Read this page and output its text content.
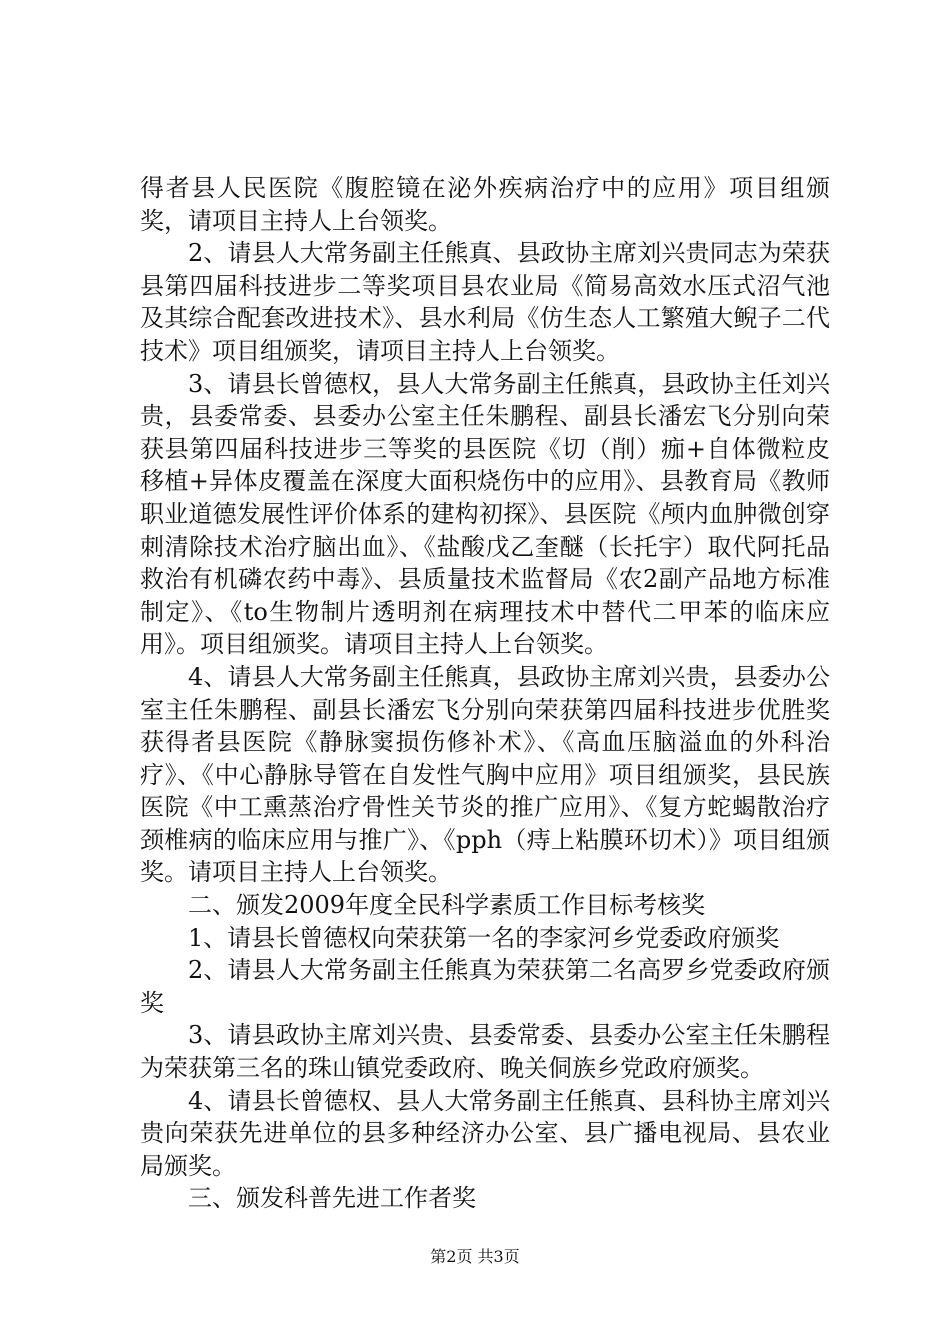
得者县人民医院《腹腔镜在泌外疾病治疗中的应用》项目组颁奖，请项目主持人上台领奖。

2、请县人大常务副主任熊真、县政协主席刘兴贵同志为荣获县第四届科技进步二等奖项目县农业局《简易高效水压式沼气池及其综合配套改进技术》、县水利局《仿生态人工繁殖大鲵子二代技术》项目组颁奖，请项目主持人上台领奖。

3、请县长曾德权，县人大常务副主任熊真，县政协主任刘兴贵，县委常委、县委办公室主任朱鹏程、副县长潘宏飞分别向荣获县第四届科技进步三等奖的县医院《切（削）痂+自体微粒皮移植+异体皮覆盖在深度大面积烧伤中的应用》、县教育局《教师职业道德发展性评价体系的建构初探》、县医院《颅内血肿微创穿刺清除技术治疗脑出血》、《盐酸戊乙奎醚（长托宇）取代阿托品救治有机磷农药中毒》、县质量技术监督局《农2副产品地方标准制定》、《to生物制片透明剂在病理技术中替代二甲苯的临床应用》。项目组颁奖。请项目主持人上台领奖。

4、请县人大常务副主任熊真，县政协主席刘兴贵，县委办公室主任朱鹏程、副县长潘宏飞分别向荣获第四届科技进步优胜奖获得者县医院《静脉窦损伤修补术》、《高血压脑溢血的外科治疗》、《中心静脉导管在自发性气胸中应用》项目组颁奖，县民族医院《中工熏蒸治疗骨性关节炎的推广应用》、《复方蛇蝎散治疗颈椎病的临床应用与推广》、《pph（痔上粘膜环切术）》项目组颁奖。请项目主持人上台领奖。

二、颁发2009年度全民科学素质工作目标考核奖

1、请县长曾德权向荣获第一名的李家河乡党委政府颁奖

2、请县人大常务副主任熊真为荣获第二名高罗乡党委政府颁奖

3、请县政协主席刘兴贵、县委常委、县委办公室主任朱鹏程为荣获第三名的珠山镇党委政府、晚关侗族乡党政府颁奖。

4、请县长曾德权、县人大常务副主任熊真、县科协主席刘兴贵向荣获先进单位的县多种经济办公室、县广播电视局、县农业局颁奖。

三、颁发科普先进工作者奖

第2页 共3页
